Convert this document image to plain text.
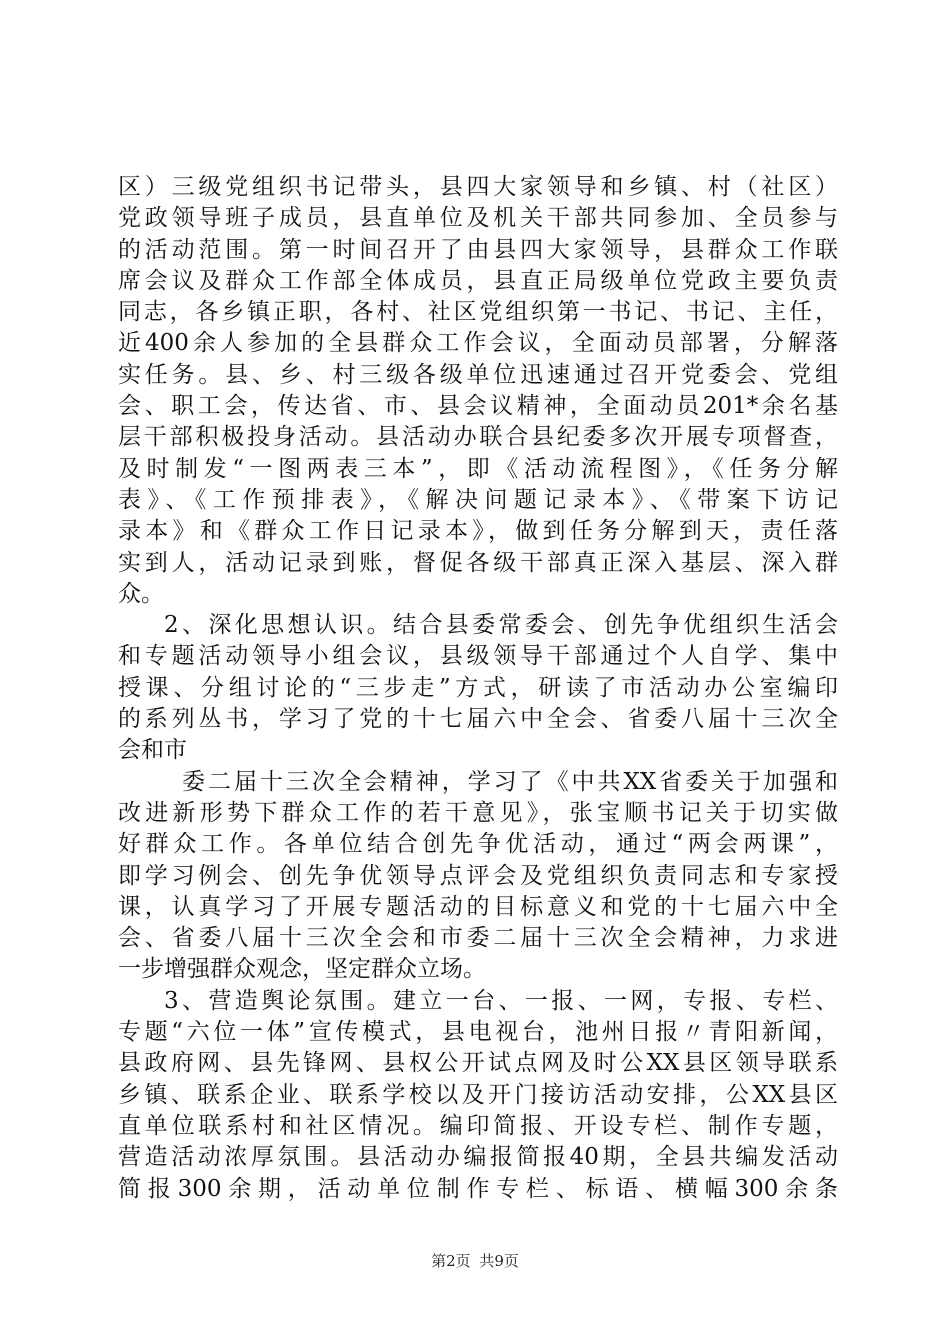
区）三级党组织书记带头，县四大家领导和乡镇、村（社区）
党政领导班子成员，县直单位及机关干部共同参加、全员参与
的活动范围。第一时间召开了由县四大家领导，县群众工作联
席会议及群众工作部全体成员，县直正局级单位党政主要负责
同志，各乡镇正职，各村、社区党组织第一书记、书记、主任，
近400余人参加的全县群众工作会议，全面动员部署，分解落
实任务。县、乡、村三级各级单位迅速通过召开党委会、党组
会、职工会，传达省、市、县会议精神，全面动员201*余名基
层干部积极投身活动。县活动办联合县纪委多次开展专项督查，
及时制发“一图两表三本”，即《活动流程图》，《任务分解
表》、《工作预排表》，《解决问题记录本》、《带案下访记
录本》和《群众工作日记录本》，做到任务分解到天，责任落
实到人，活动记录到账，督促各级干部真正深入基层、深入群
众。
2、深化思想认识。结合县委常委会、创先争优组织生活会
和专题活动领导小组会议，县级领导干部通过个人自学、集中
授课、分组讨论的“三步走”方式，研读了市活动办公室编印
的系列丛书，学习了党的十七届六中全会、省委八届十三次全
会和市
委二届十三次全会精神，学习了《中共XX省委关于加强和
改进新形势下群众工作的若干意见》，张宝顺书记关于切实做
好群众工作。各单位结合创先争优活动，通过“两会两课”，
即学习例会、创先争优领导点评会及党组织负责同志和专家授
课，认真学习了开展专题活动的目标意义和党的十七届六中全
会、省委八届十三次全会和市委二届十三次全会精神，力求进
一步增强群众观念，坚定群众立场。
3、营造舆论氛围。建立一台、一报、一网，专报、专栏、
专题“六位一体”宣传模式，县电视台，池州日报〃青阳新闻，
县政府网、县先锋网、县权公开试点网及时公XX县区领导联系
乡镇、联系企业、联系学校以及开门接访活动安排，公XX县区
直单位联系村和社区情况。编印简报、开设专栏、制作专题，
营造活动浓厚氛围。县活动办编报简报40期，全县共编发活动
简报300余期，活动单位制作专栏、标语、横幅300余条
第2页 共9页
